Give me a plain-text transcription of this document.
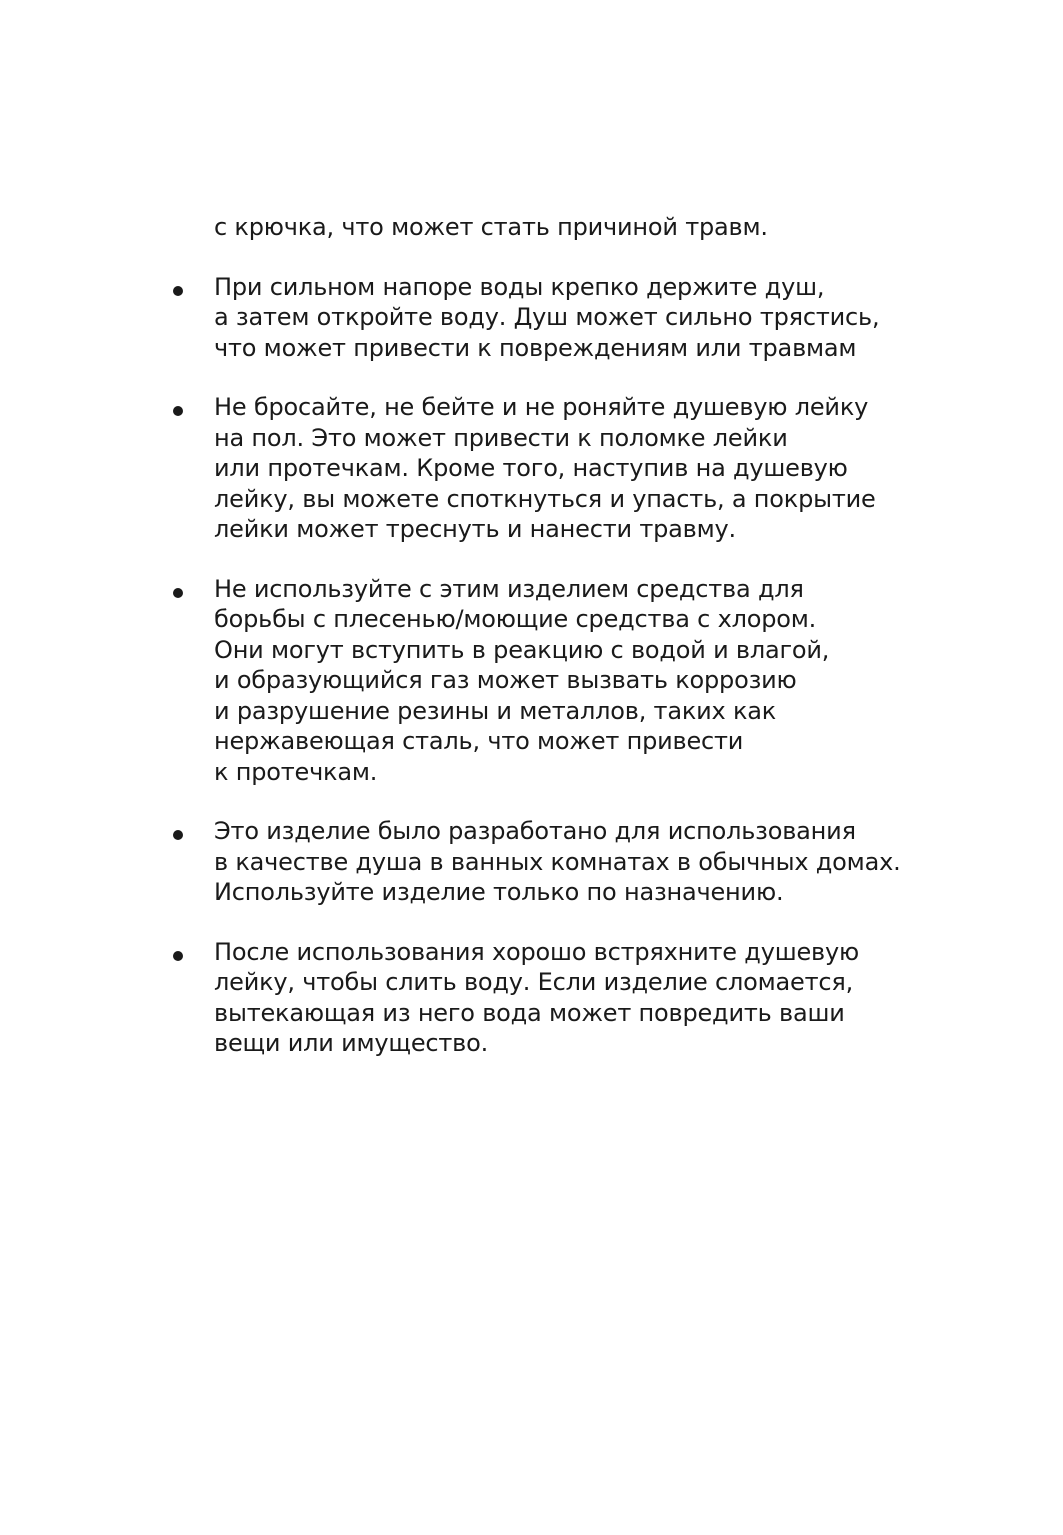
с крючка, что может стать причиной травм.
При сильном напоре воды крепко держите душ,
а затем откройте воду. Душ может сильно трястись,
что может привести к повреждениям или травмам
Не бросайте, не бейте и не роняйте душевую лейку
на пол. Это может привести к поломке лейки
или протечкам. Кроме того, наступив на душевую
лейку, вы можете споткнуться и упасть, а покрытие
лейки может треснуть и нанести травму.
Не используйте с этим изделием средства для
борьбы с плесенью/моющие средства с хлором.
Они могут вступить в реакцию с водой и влагой,
и образующийся газ может вызвать коррозию
и разрушение резины и металлов, таких как
нержавеющая сталь, что может привести
к протечкам.
Это изделие было разработано для использования
в качестве душа в ванных комнатах в обычных домах.
Используйте изделие только по назначению.
После использования хорошо встряхните душевую
лейку, чтобы слить воду. Если изделие сломается,
вытекающая из него вода может повредить ваши
вещи или имущество.
